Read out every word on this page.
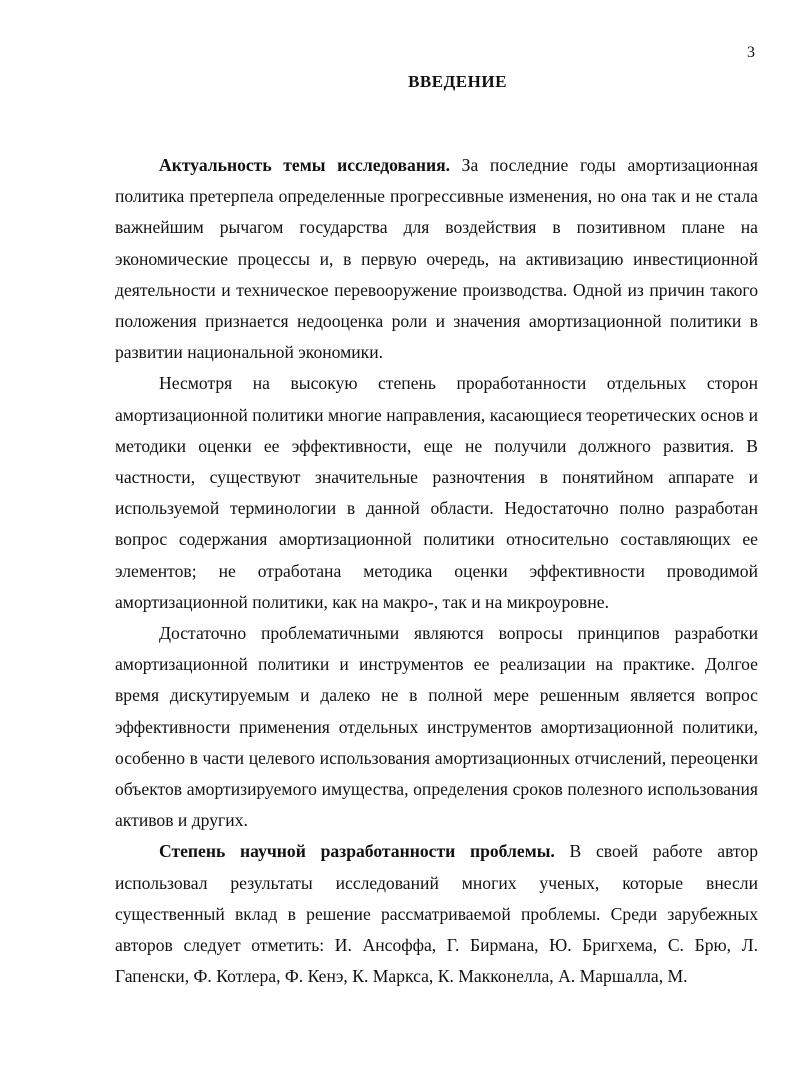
3
ВВЕДЕНИЕ

Актуальность темы исследования. За последние годы амортизационная политика претерпела определенные прогрессивные изменения, но она так и не стала важнейшим рычагом государства для воздействия в позитивном плане на экономические процессы и, в первую очередь, на активизацию инвестиционной деятельности и техническое перевооружение производства. Одной из причин такого положения признается недооценка роли и значения амортизационной политики в развитии национальной экономики.

Несмотря на высокую степень проработанности отдельных сторон амортизационной политики многие направления, касающиеся теоретических основ и методики оценки ее эффективности, еще не получили должного развития. В частности, существуют значительные разночтения в понятийном аппарате и используемой терминологии в данной области. Недостаточно полно разработан вопрос содержания амортизационной политики относительно составляющих ее элементов; не отработана методика оценки эффективности проводимой амортизационной политики, как на макро-, так и на микроуровне.

Достаточно проблематичными являются вопросы принципов разработки амортизационной политики и инструментов ее реализации на практике. Долгое время дискутируемым и далеко не в полной мере решенным является вопрос эффективности применения отдельных инструментов амортизационной политики, особенно в части целевого использования амортизационных отчислений, переоценки объектов амортизируемого имущества, определения сроков полезного использования активов и других.

Степень научной разработанности проблемы. В своей работе автор использовал результаты исследований многих ученых, которые внесли существенный вклад в решение рассматриваемой проблемы. Среди зарубежных авторов следует отметить: И. Ансоффа, Г. Бирмана, Ю. Бригхема, С. Брю, Л. Гапенски, Ф. Котлера, Ф. Кенэ, К. Маркса, К. Макконелла, А. Маршалла, М.
